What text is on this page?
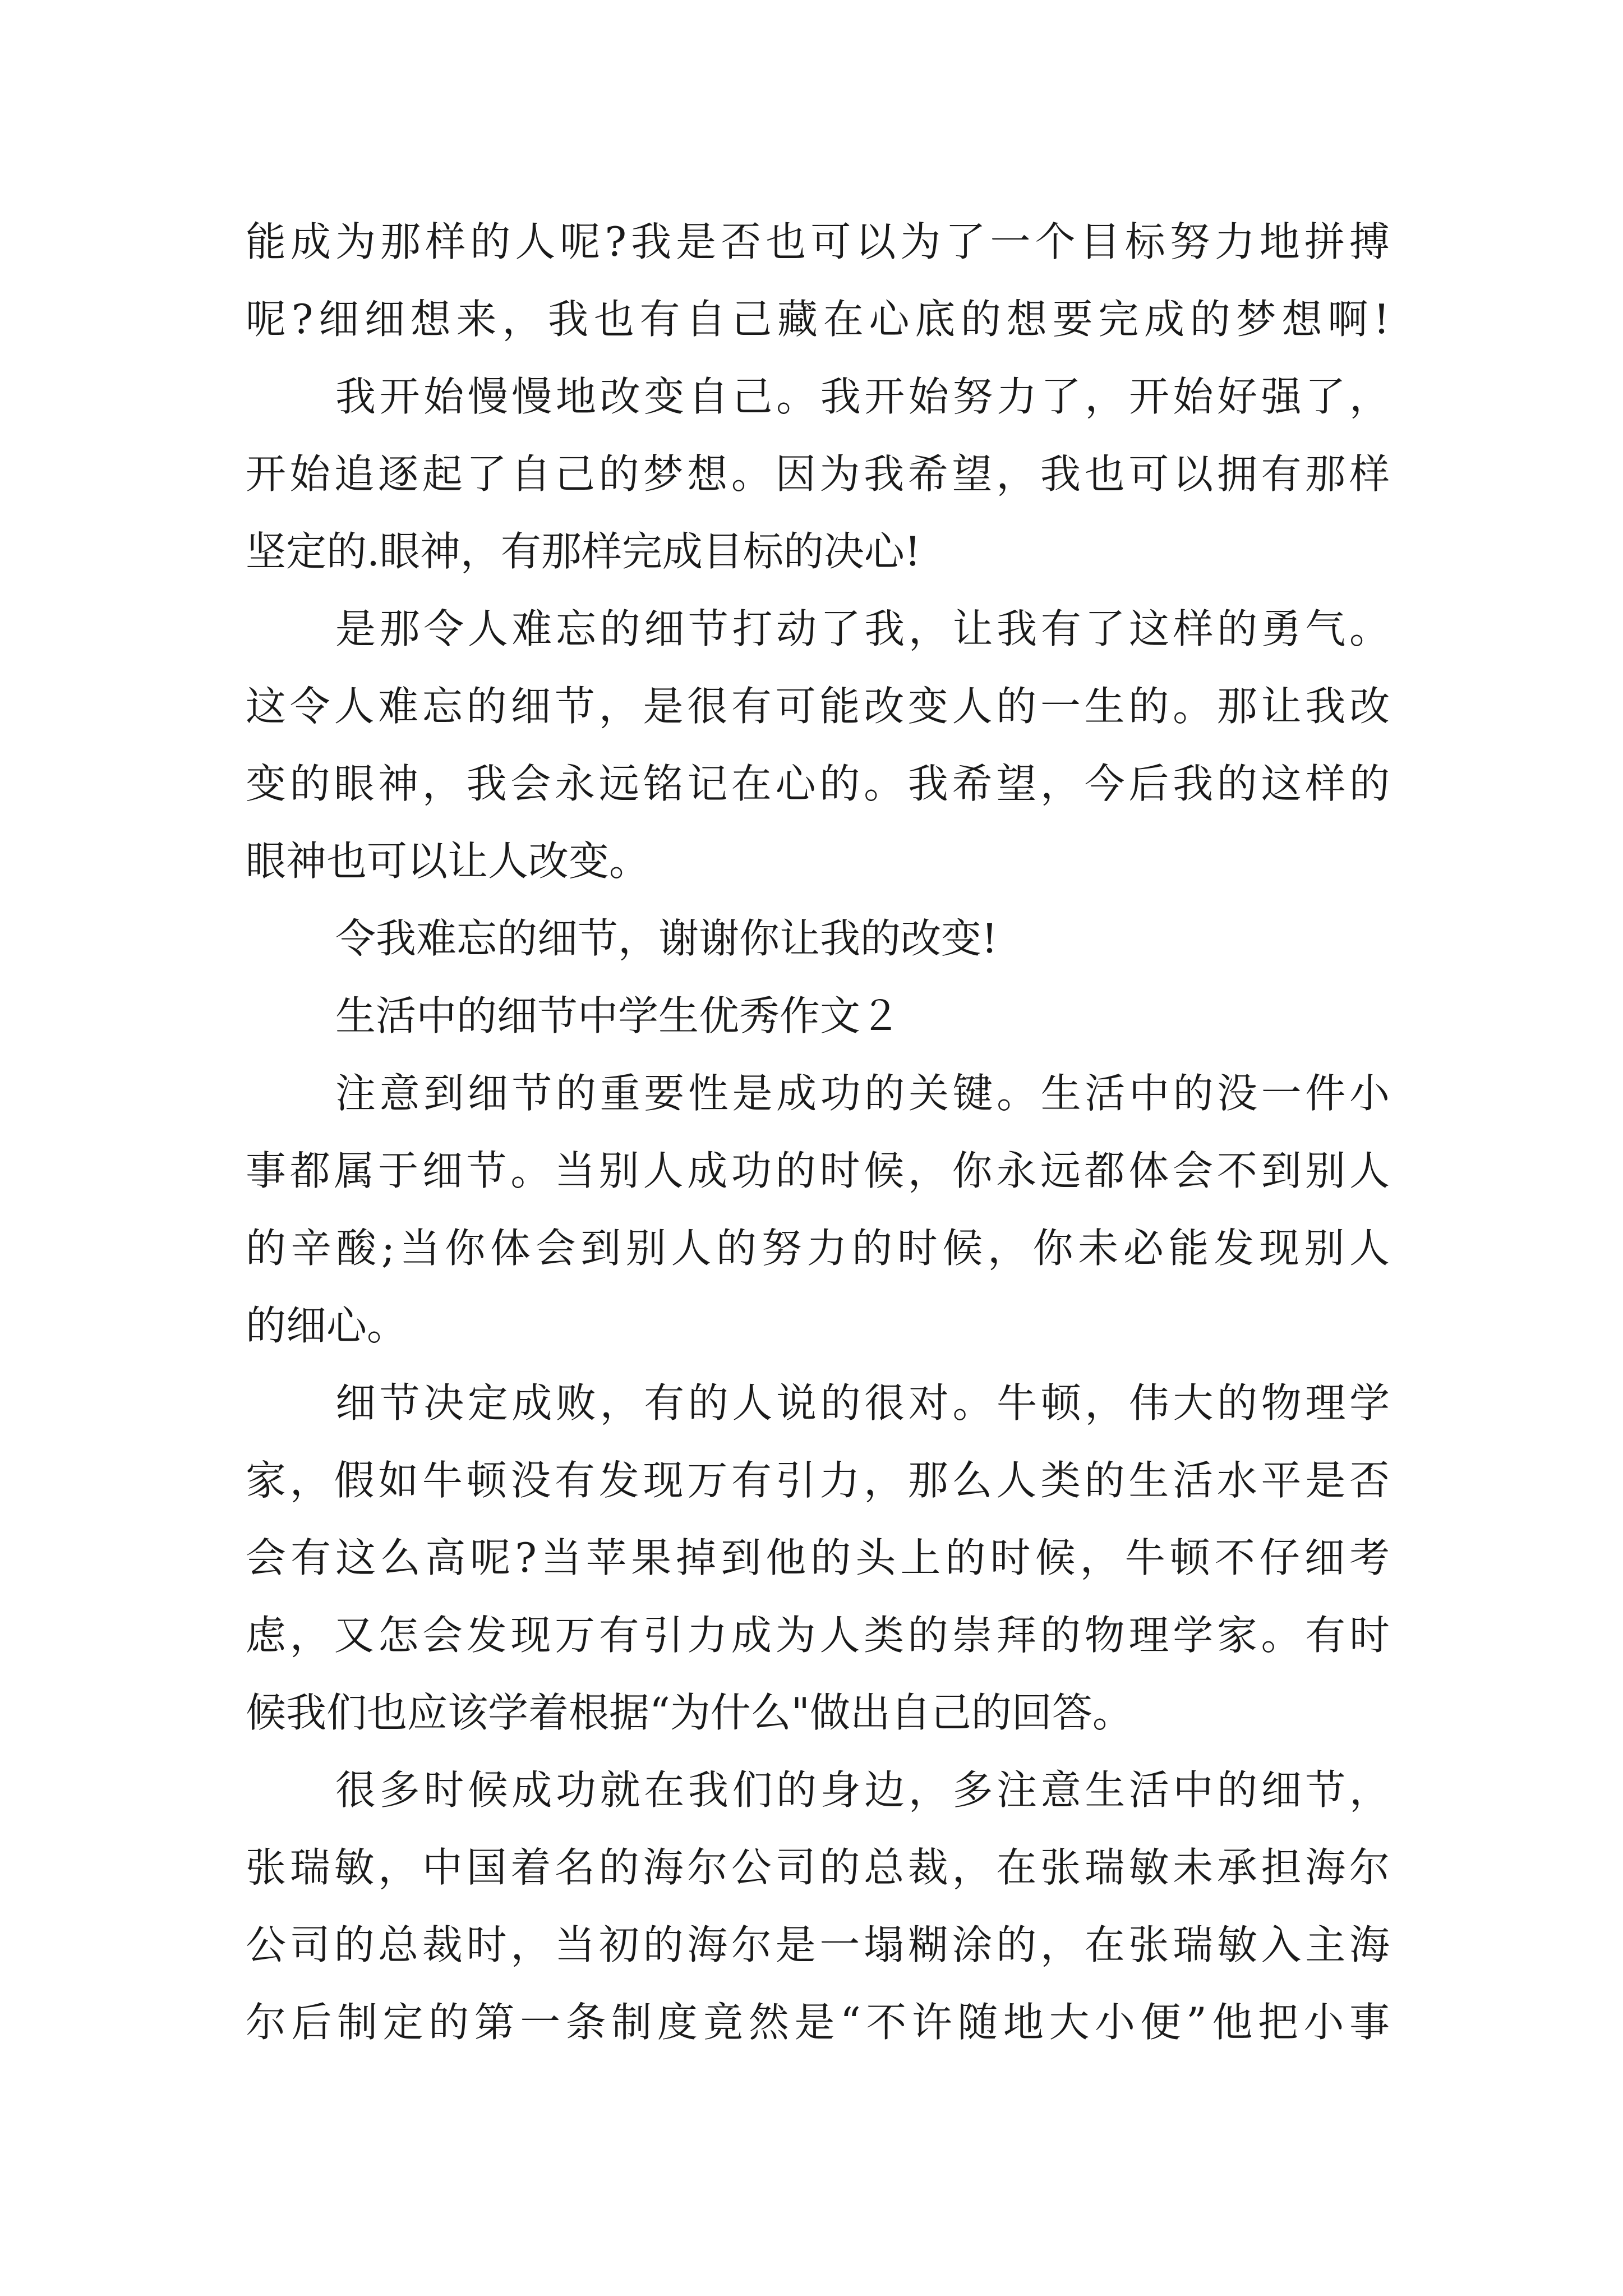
能成为那样的人呢?我是否也可以为了一个目标努力地拼搏
呢?细细想来，我也有自己藏在心底的想要完成的梦想啊!
我开始慢慢地改变自己。我开始努力了，开始好强了，
开始追逐起了自己的梦想。因为我希望，我也可以拥有那样
坚定的.眼神，有那样完成目标的决心!
是那令人难忘的细节打动了我，让我有了这样的勇气。
这令人难忘的细节，是很有可能改变人的一生的。那让我改
变的眼神，我会永远铭记在心的。我希望，今后我的这样的
眼神也可以让人改变。
令我难忘的细节，谢谢你让我的改变!
生活中的细节中学生优秀作文２
注意到细节的重要性是成功的关键。生活中的没一件小
事都属于细节。当别人成功的时候，你永远都体会不到别人
的辛酸;当你体会到别人的努力的时候，你未必能发现别人
的细心。
细节决定成败，有的人说的很对。牛顿，伟大的物理学
家，假如牛顿没有发现万有引力，那么人类的生活水平是否
会有这么高呢?当苹果掉到他的头上的时候，牛顿不仔细考
虑，又怎会发现万有引力成为人类的崇拜的物理学家。有时
候我们也应该学着根据“为什么"做出自己的回答。
很多时候成功就在我们的身边，多注意生活中的细节，
张瑞敏，中国着名的海尔公司的总裁，在张瑞敏未承担海尔
公司的总裁时，当初的海尔是一塌糊涂的，在张瑞敏入主海
尔后制定的第一条制度竟然是“不许随地大小便”他把小事
